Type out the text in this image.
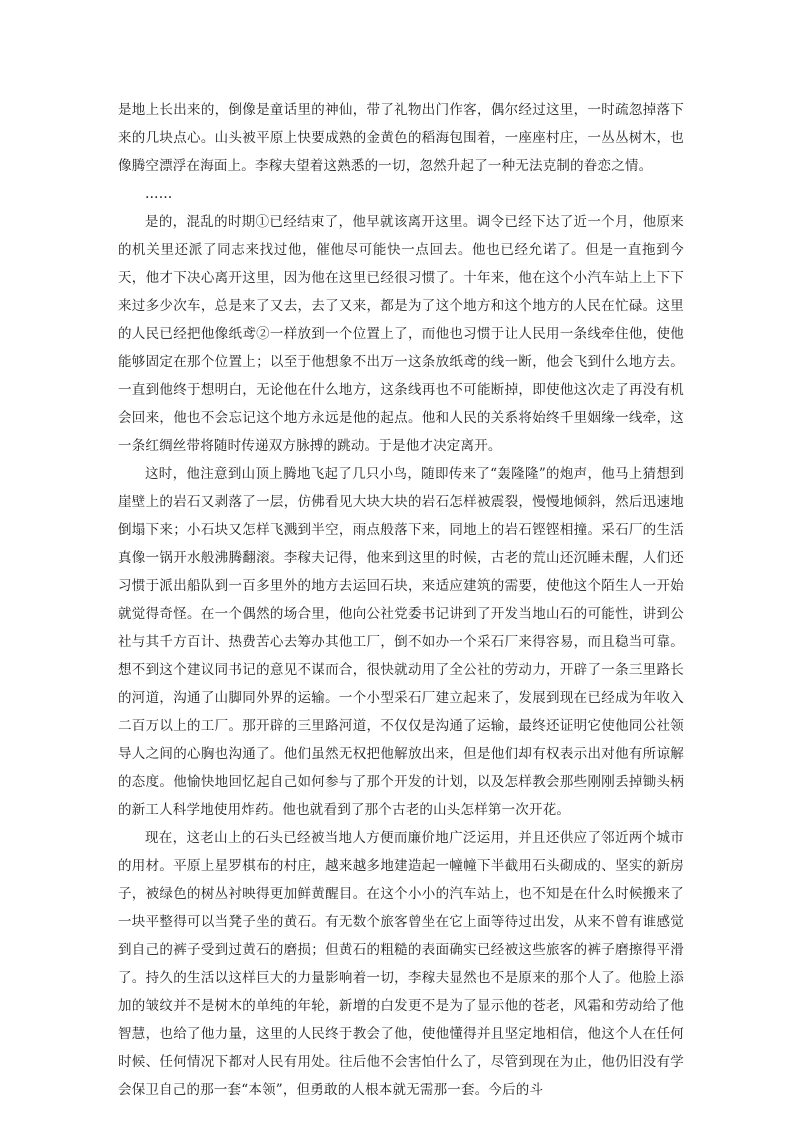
是地上长出来的，倒像是童话里的神仙，带了礼物出门作客，偶尔经过这里，一时疏忽掉落下来的几块点心。山头被平原上快要成熟的金黄色的稻海包围着，一座座村庄，一丛丛树木，也像腾空漂浮在海面上。李稼夫望着这熟悉的一切，忽然升起了一种无法克制的眷恋之情。

……

是的，混乱的时期①已经结束了，他早就该离开这里。调令已经下达了近一个月，他原来的机关里还派了同志来找过他，催他尽可能快一点回去。他也已经允诺了。但是一直拖到今天，他才下决心离开这里，因为他在这里已经很习惯了。十年来，他在这个小汽车站上上下下来过多少次车，总是来了又去，去了又来，都是为了这个地方和这个地方的人民在忙碌。这里的人民已经把他像纸鸢②一样放到一个位置上了，而他也习惯于让人民用一条线牵住他，使他能够固定在那个位置上；以至于他想象不出万一这条放纸鸢的线一断，他会飞到什么地方去。一直到他终于想明白，无论他在什么地方，这条线再也不可能断掉，即使他这次走了再没有机会回来，他也不会忘记这个地方永远是他的起点。他和人民的关系将始终千里姻缘一线牵，这一条红绸丝带将随时传递双方脉搏的跳动。于是他才决定离开。

这时，他注意到山顶上腾地飞起了几只小鸟，随即传来了“轰隆隆”的炮声，他马上猜想到崖壁上的岩石又剥落了一层，仿佛看见大块大块的岩石怎样被震裂，慢慢地倾斜，然后迅速地倒塌下来；小石块又怎样飞溅到半空，雨点般落下来，同地上的岩石铿铿相撞。采石厂的生活真像一锅开水般沸腾翻滚。李稼夫记得，他来到这里的时候，古老的荒山还沉睡未醒，人们还习惯于派出船队到一百多里外的地方去运回石块，来适应建筑的需要，使他这个陌生人一开始就觉得奇怪。在一个偶然的场合里，他向公社党委书记讲到了开发当地山石的可能性，讲到公社与其千方百计、热费苦心去筹办其他工厂，倒不如办一个采石厂来得容易，而且稳当可靠。想不到这个建议同书记的意见不谋而合，很快就动用了全公社的劳动力，开辟了一条三里路长的河道，沟通了山脚同外界的运输。一个小型采石厂建立起来了，发展到现在已经成为年收入二百万以上的工厂。那开辟的三里路河道，不仅仅是沟通了运输，最终还证明它使他同公社领导人之间的心胸也沟通了。他们虽然无权把他解放出来，但是他们却有权表示出对他有所谅解的态度。他愉快地回忆起自己如何参与了那个开发的计划，以及怎样教会那些刚刚丢掉锄头柄的新工人科学地使用炸药。他也就看到了那个古老的山头怎样第一次开花。

现在，这老山上的石头已经被当地人方便而廉价地广泛运用，并且还供应了邻近两个城市的用材。平原上星罗棋布的村庄，越来越多地建造起一幢幢下半截用石头砌成的、坚实的新房子，被绿色的树丛衬映得更加鲜黄醒目。在这个小小的汽车站上，也不知是在什么时候搬来了一块平整得可以当凳子坐的黄石。有无数个旅客曾坐在它上面等待过出发，从来不曾有谁感觉到自己的裤子受到过黄石的磨损；但黄石的粗糙的表面确实已经被这些旅客的裤子磨擦得平滑了。持久的生活以这样巨大的力量影响着一切，李稼夫显然也不是原来的那个人了。他脸上添加的皱纹并不是树木的单纯的年轮，新增的白发更不是为了显示他的苍老，风霜和劳动给了他智慧，也给了他力量，这里的人民终于教会了他，使他懂得并且坚定地相信，他这个人在任何时候、任何情况下都对人民有用处。往后他不会害怕什么了，尽管到现在为止，他仍旧没有学会保卫自己的那一套“本领”，但勇敢的人根本就无需那一套。今后的斗
